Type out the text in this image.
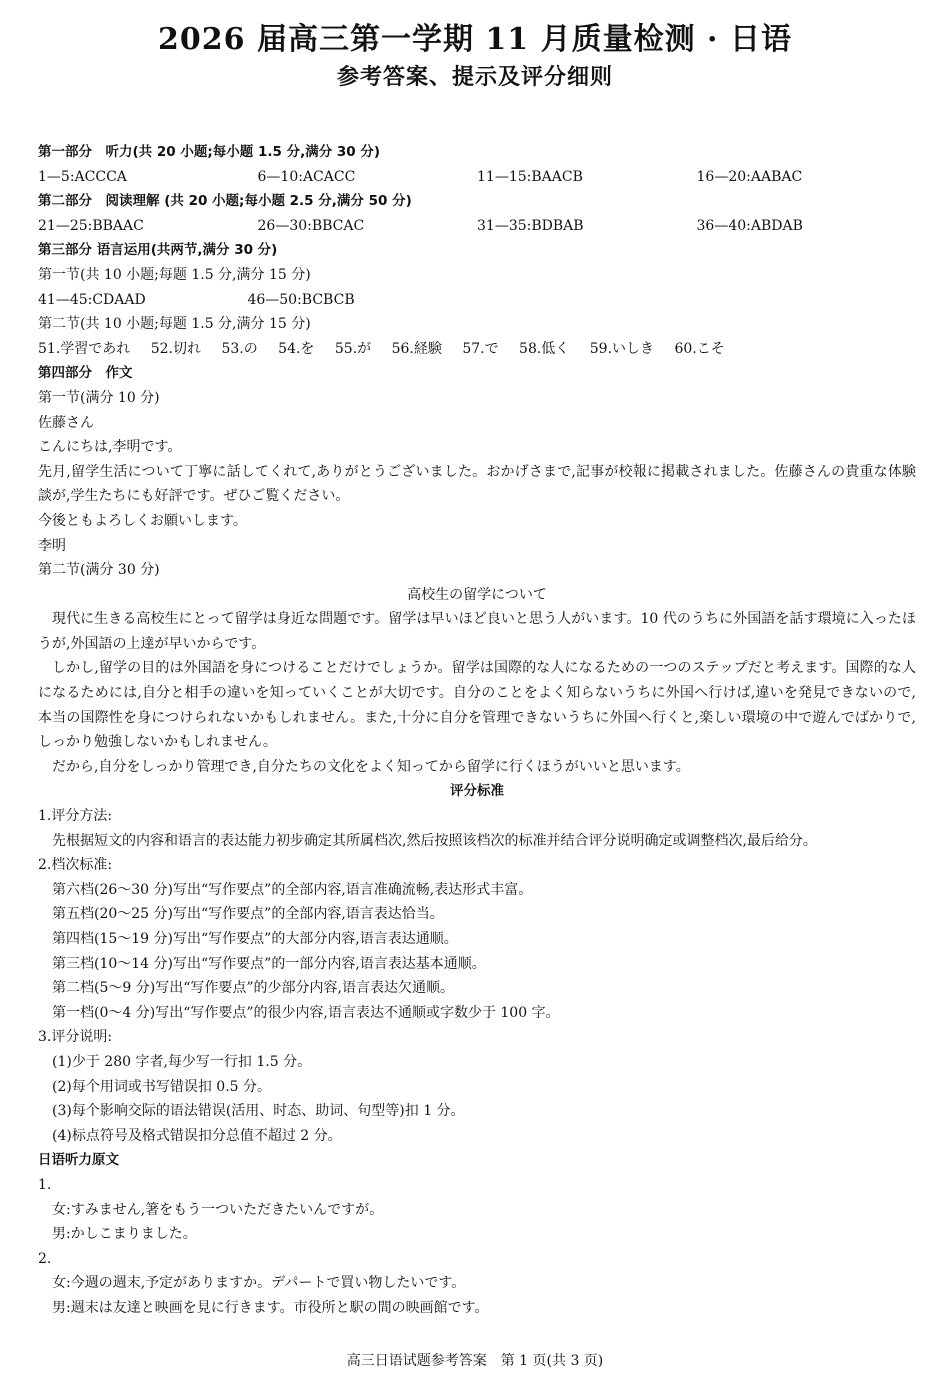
2026 届高三第一学期 11 月质量检测 · 日语
参考答案、提示及评分细则
第一部分　听力(共 20 小题;每小题 1.5 分,满分 30 分)
1—5:ACCCA	6—10:ACACC	11—15:BAACB	16—20:AABAC
第二部分　阅读理解 (共 20 小题;每小题 2.5 分,满分 50 分)
21—25:BBAAC	26—30:BBCAC	31—35:BDBAB	36—40:ABDAB
第三部分 语言运用(共两节,满分 30 分)
第一节(共 10 小题;每题 1.5 分,满分 15 分)
41—45:CDAAD	46—50:BCBCB
第二节(共 10 小题;每题 1.5 分,满分 15 分)
51.学習であれ 52.切れ 53.の 54.を 55.が 56.経験 57.で 58.低く 59.いしき 60.こそ
第四部分　作文
第一节(满分 10 分)
佐藤さん
こんにちは,李明です。
先月,留学生活について丁寧に話してくれて,ありがとうございました。おかげさまで,記事が校報に掲載されました。佐藤さんの貴重な体験談が,学生たちにも好評です。ぜひご覧ください。
今後ともよろしくお願いします。
李明
第二节(满分 30 分)
高校生の留学について
現代に生きる高校生にとって留学は身近な問題です。留学は早いほど良いと思う人がいます。10 代のうちに外国語を話す環境に入ったほうが,外国語の上達が早いからです。
しかし,留学の目的は外国語を身につけることだけでしょうか。留学は国際的な人になるための一つのステップだと考えます。国際的な人になるためには,自分と相手の違いを知っていくことが大切です。自分のことをよく知らないうちに外国へ行けば,違いを発見できないので,本当の国際性を身につけられないかもしれません。また,十分に自分を管理できないうちに外国へ行くと,楽しい環境の中で遊んでばかりで,しっかり勉強しないかもしれません。
だから,自分をしっかり管理でき,自分たちの文化をよく知ってから留学に行くほうがいいと思います。
评分标准
1.评分方法:
先根据短文的内容和语言的表达能力初步确定其所属档次,然后按照该档次的标准并结合评分说明确定或调整档次,最后给分。
2.档次标准:
第六档(26～30 分)写出“写作要点”的全部内容,语言准确流畅,表达形式丰富。
第五档(20～25 分)写出“写作要点”的全部内容,语言表达恰当。
第四档(15～19 分)写出“写作要点”的大部分内容,语言表达通顺。
第三档(10～14 分)写出“写作要点”的一部分内容,语言表达基本通顺。
第二档(5～9 分)写出“写作要点”的少部分内容,语言表达欠通顺。
第一档(0～4 分)写出“写作要点”的很少内容,语言表达不通顺或字数少于 100 字。
3.评分说明:
(1)少于 280 字者,每少写一行扣 1.5 分。
(2)每个用词或书写错误扣 0.5 分。
(3)每个影响交际的语法错误(活用、时态、助词、句型等)扣 1 分。
(4)标点符号及格式错误扣分总值不超过 2 分。
日语听力原文
1.
女:すみません,箸をもう一ついただきたいんですが。
男:かしこまりました。
2.
女:今週の週末,予定がありますか。デパートで買い物したいです。
男:週末は友達と映画を見に行きます。市役所と駅の間の映画館です。
高三日语试题参考答案　第 1 页(共 3 页)
